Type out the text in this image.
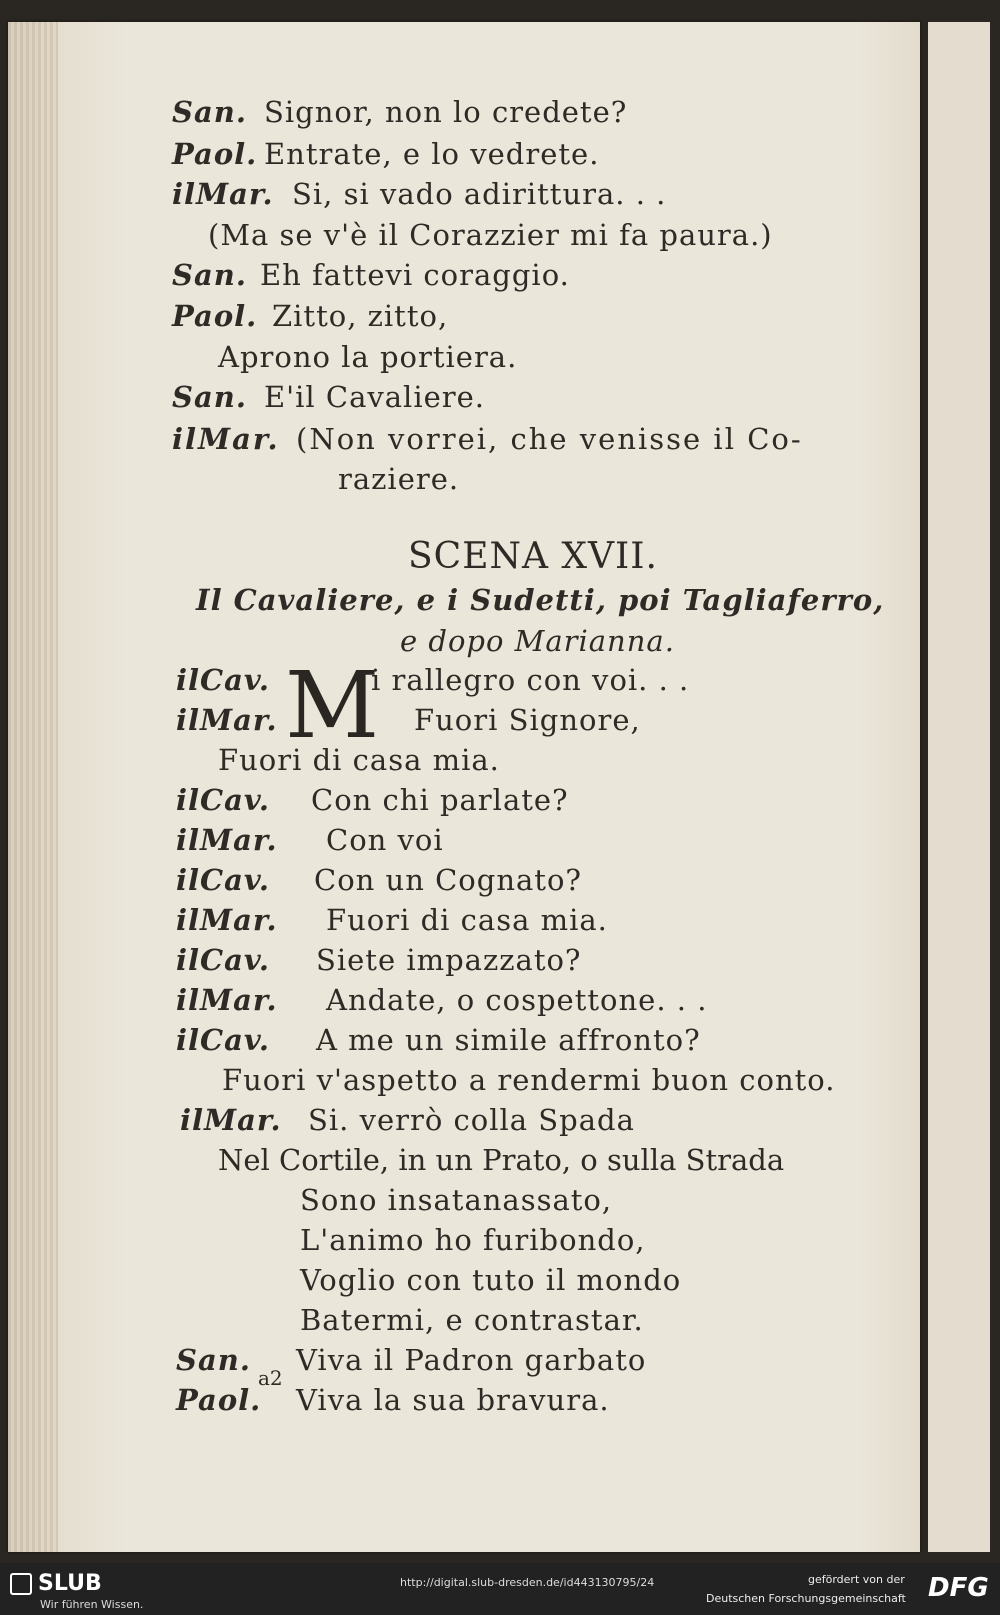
San. Signor, non lo credete?
Paol. Entrate, e lo vedrete.
ilMar. Si, si vado adirittura. . .
(Ma se v'è il Corazzier mi fa paura.)
San. Eh fattevi coraggio.
Paol. Zitto, zitto,
Aprono la portiera.
San. E'il Cavaliere.
ilMar. (Non vorrei, che venisse il Co-
raziere.
SCENA XVII.
Il Cavaliere, e i Sudetti, poi Tagliaferro,
e dopo Marianna.
M
ilCav.	i rallegro con voi. . .
ilMar.	Fuori Signore,
Fuori di casa mia.
ilCav. Con chi parlate?
ilMar. Con voi
ilCav. Con un Cognato?
ilMar. Fuori di casa mia.
ilCav. Siete impazzato?
ilMar. Andate, o cospettone. . .
ilCav. A me un simile affronto?
Fuori v'aspetto a rendermi buon conto.
ilMar. Si. verrò colla Spada
Nel Cortile, in un Prato, o sulla Strada
Sono insatanassato,
L'animo ho furibondo,
Voglio con tuto il mondo
Batermi, e contrastar.
San. Viva il Padron garbato
Paol. Viva la sua bravura.
a2
SLUB
Wir führen Wissen.
http://digital.slub-dresden.de/id443130795/24	gefördert von der
Deutschen Forschungsgemeinschaft DFG
